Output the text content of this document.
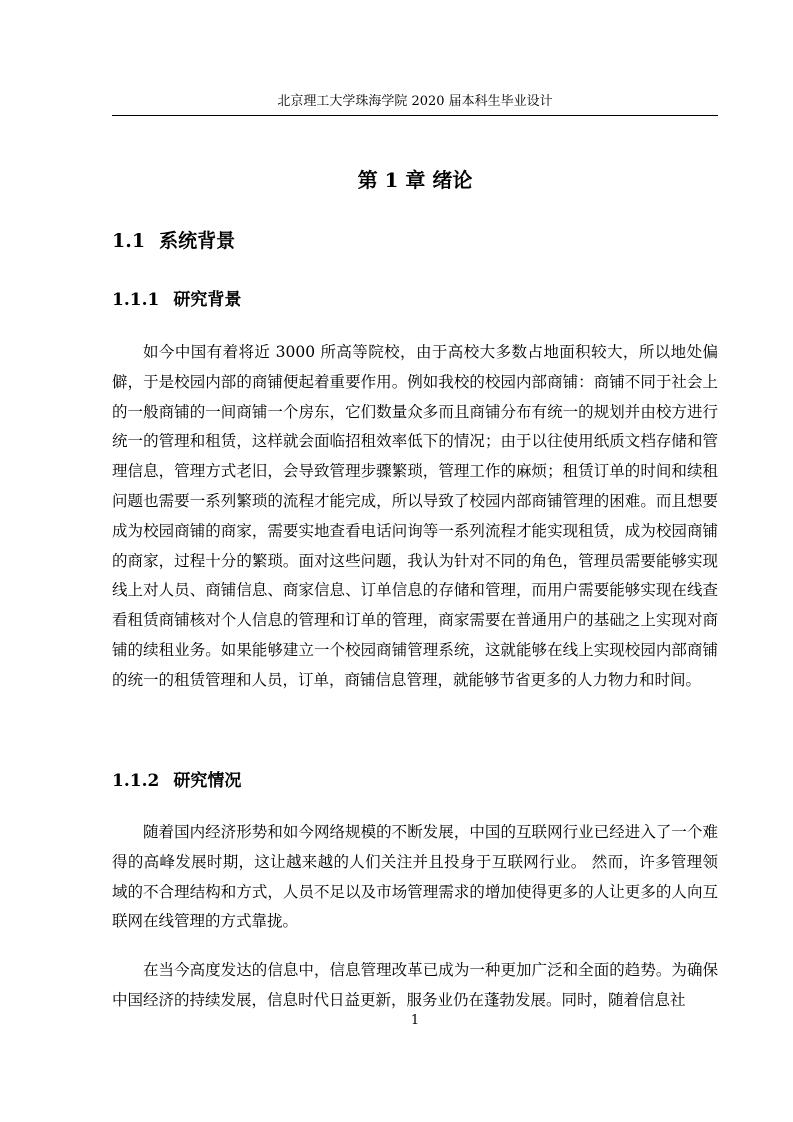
北京理工大学珠海学院 2020 届本科生毕业设计
第 1 章 绪论
1.1 系统背景
1.1.1 研究背景

如今中国有着将近 3000 所高等院校，由于高校大多数占地面积较大，所以地处偏僻，于是校园内部的商铺便起着重要作用。例如我校的校园内部商铺：商铺不同于社会上的一般商铺的一间商铺一个房东，它们数量众多而且商铺分布有统一的规划并由校方进行统一的管理和租赁，这样就会面临招租效率低下的情况；由于以往使用纸质文档存储和管理信息，管理方式老旧，会导致管理步骤繁琐，管理工作的麻烦；租赁订单的时间和续租问题也需要一系列繁琐的流程才能完成，所以导致了校园内部商铺管理的困难。而且想要成为校园商铺的商家，需要实地查看电话问询等一系列流程才能实现租赁，成为校园商铺的商家，过程十分的繁琐。面对这些问题，我认为针对不同的角色，管理员需要能够实现线上对人员、商铺信息、商家信息、订单信息的存储和管理，而用户需要能够实现在线查看租赁商铺核对个人信息的管理和订单的管理，商家需要在普通用户的基础之上实现对商铺的续租业务。如果能够建立一个校园商铺管理系统，这就能够在线上实现校园内部商铺的统一的租赁管理和人员，订单，商铺信息管理，就能够节省更多的人力物力和时间。

1.1.2 研究情况

随着国内经济形势和如今网络规模的不断发展，中国的互联网行业已经进入了一个难得的高峰发展时期，这让越来越的人们关注并且投身于互联网行业。 然而，许多管理领域的不合理结构和方式，人员不足以及市场管理需求的增加使得更多的人让更多的人向互联网在线管理的方式靠拢。

在当今高度发达的信息中，信息管理改革已成为一种更加广泛和全面的趋势。为确保中国经济的持续发展，信息时代日益更新，服务业仍在蓬勃发展。同时，随着信息社

1
